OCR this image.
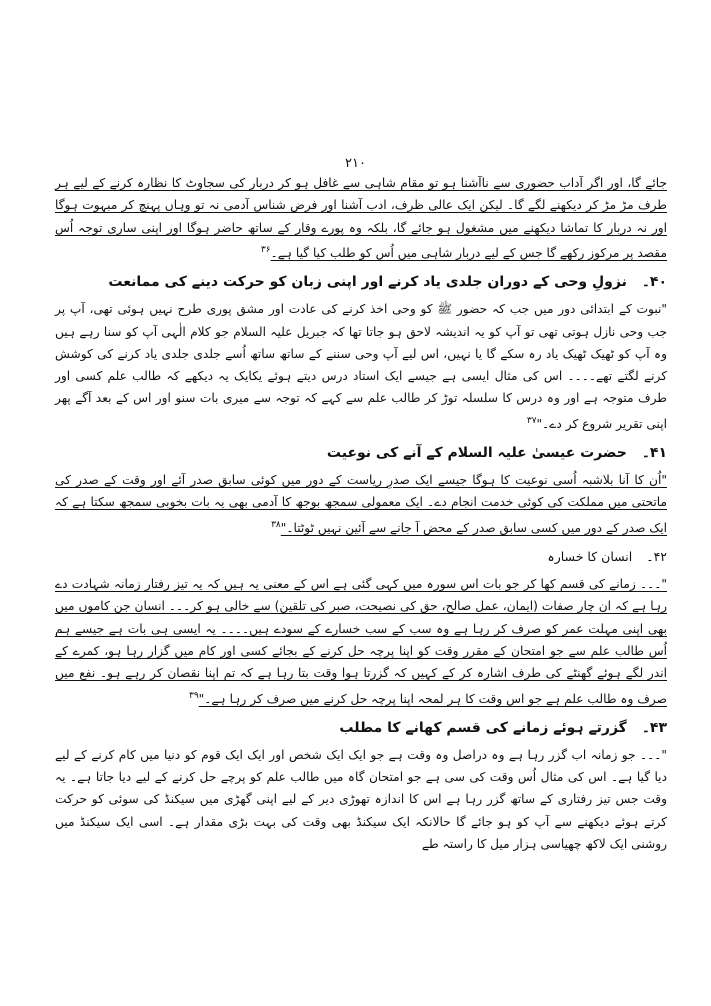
۲۱۰

جائے گا، اور اگر آداب حضوری سے ناآشنا ہو تو مقام شاہی سے غافل ہو کر دربار کی سجاوٹ کا نظارہ کرنے کے لیے ہر طرف مڑ مڑ کر دیکھنے لگے گا۔ لیکن ایک عالی ظرف، ادب آشنا اور فرض شناس آدمی نہ تو وہاں پہنچ کر مبہوت ہوگا اور نہ دربار کا تماشا دیکھنے میں مشغول ہو جائے گا، بلکہ وہ پورے وقار کے ساتھ حاضر ہوگا اور اپنی ساری توجہ اُس مقصد پر مرکوز رکھے گا جس کے لیے دربار شاہی میں اُس کو طلب کیا گیا ہے۔$^{۳۶}$

۴۰۔ نزولِ وحی کے دوران جلدی یاد کرنے اور اپنی زبان کو حرکت دینے کی ممانعت

"نبوت کے ابتدائی دور میں جب کہ حضور ﷺ کو وحی اخذ کرنے کی عادت اور مشق پوری طرح نہیں ہوئی تھی، آپ پر جب وحی نازل ہوتی تھی تو آپ کو یہ اندیشہ لاحق ہو جاتا تھا کہ جبریل علیہ السلام جو کلام الٰہی آپ کو سنا رہے ہیں وہ آپ کو ٹھیک ٹھیک یاد رہ سکے گا یا نہیں، اس لیے آپ وحی سننے کے ساتھ ساتھ اُسے جلدی جلدی یاد کرنے کی کوشش کرنے لگتے تھے۔۔۔۔ اس کی مثال ایسی ہے جیسے ایک استاد درس دیتے ہوئے یکایک یہ دیکھے کہ طالب علم کسی اور طرف متوجہ ہے اور وہ درس کا سلسلہ توڑ کر طالب علم سے کہے کہ توجہ سے میری بات سنو اور اس کے بعد آگے پھر اپنی تقریر شروع کر دے۔"$^{۳۷}$

۴۱۔ حضرت عیسیٰ علیہ السلام کے آنے کی نوعیت

"اُن کا آنا بلاشبہ اُسی نوعیت کا ہوگا جیسے ایک صدرِ ریاست کے دور میں کوئی سابق صدر آئے اور وقت کے صدر کی ماتحتی میں مملکت کی کوئی خدمت انجام دے۔ ایک معمولی سمجھ بوجھ کا آدمی بھی یہ بات بخوبی سمجھ سکتا ہے کہ ایک صدر کے دور میں کسی سابق صدر کے محض آ جانے سے آئین نہیں ٹوٹتا۔"$^{۳۸}$

۴۲۔ انسان کا خسارہ

"۔۔۔ زمانے کی قسم کھا کر جو بات اس سورہ میں کہی گئی ہے اس کے معنی یہ ہیں کہ یہ تیز رفتار زمانہ شہادت دے رہا ہے کہ ان چار صفات (ایمان، عمل صالح، حق کی نصیحت، صبر کی تلقین) سے خالی ہو کر۔۔۔ انسان جن کاموں میں بھی اپنی مہلت عمر کو صرف کر رہا ہے وہ سب کے سب خسارے کے سودے ہیں۔۔۔۔ یہ ایسی ہی بات ہے جیسے ہم اُس طالب علم سے جو امتحان کے مقرر وقت کو اپنا پرچہ حل کرنے کے بجائے کسی اور کام میں گزار رہا ہو، کمرے کے اندر لگے ہوئے گھنٹے کی طرف اشارہ کر کے کہیں کہ گزرتا ہوا وقت بتا رہا ہے کہ تم اپنا نقصان کر رہے ہو۔ نفع میں صرف وہ طالب علم ہے جو اس وقت کا ہر لمحہ اپنا پرچہ حل کرنے میں صرف کر رہا ہے۔"$^{۳۹}$

۴۳۔ گزرتے ہوئے زمانے کی قسم کھانے کا مطلب

"۔۔۔ جو زمانہ اب گزر رہا ہے وہ دراصل وہ وقت ہے جو ایک ایک شخص اور ایک ایک قوم کو دنیا میں کام کرنے کے لیے دیا گیا ہے۔ اس کی مثال اُس وقت کی سی ہے جو امتحان گاہ میں طالب علم کو پرچے حل کرنے کے لیے دیا جاتا ہے۔ یہ وقت جس تیز رفتاری کے ساتھ گزر رہا ہے اس کا اندازہ تھوڑی دیر کے لیے اپنی گھڑی میں سیکنڈ کی سوئی کو حرکت کرتے ہوئے دیکھنے سے آپ کو ہو جائے گا حالانکہ ایک سیکنڈ بھی وقت کی بہت بڑی مقدار ہے۔ اسی ایک سیکنڈ میں روشنی ایک لاکھ چھیاسی ہزار میل کا راستہ طے
